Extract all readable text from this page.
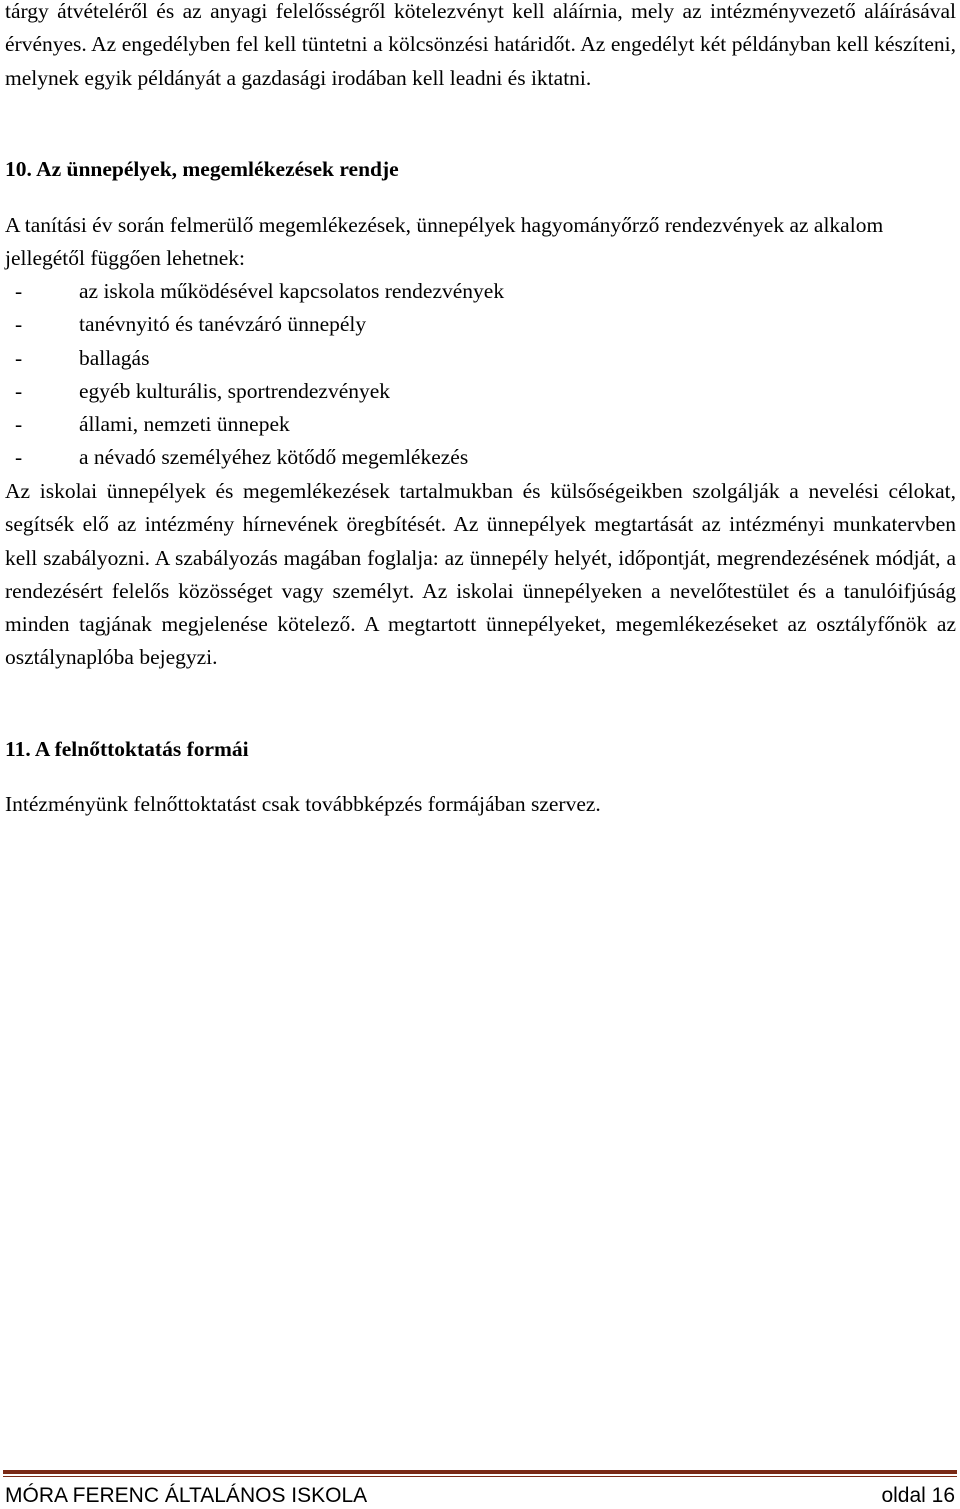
tárgy átvételéről és az anyagi felelősségről kötelezvényt kell aláírnia, mely az intézményvezető aláírásával érvényes. Az engedélyben fel kell tüntetni a kölcsönzési határidőt. Az engedélyt két példányban kell készíteni, melynek egyik példányát a gazdasági irodában kell leadni és iktatni.

10. Az ünnepélyek, megemlékezések rendje

A tanítási év során felmerülő megemlékezések, ünnepélyek hagyományőrző rendezvények az alkalom jellegétől függően lehetnek:

-	az iskola működésével kapcsolatos rendezvények
-	tanévnyitó és tanévzáró ünnepély
-	ballagás
-	egyéb kulturális, sportrendezvények
-	állami, nemzeti ünnepek
-	a névadó személyéhez kötődő megemlékezés

Az iskolai ünnepélyek és megemlékezések tartalmukban és külsőségeikben szolgálják a nevelési célokat, segítsék elő az intézmény hírnevének öregbítését. Az ünnepélyek megtartását az intézményi munkatervben kell szabályozni. A szabályozás magában foglalja: az ünnepély helyét, időpontját, megrendezésének módját, a rendezésért felelős közösséget vagy személyt. Az iskolai ünnepélyeken a nevelőtestület és a tanulóifjúság minden tagjának megjelenése kötelező. A megtartott ünnepélyeket, megemlékezéseket az osztályfőnök az osztálynaplóba bejegyzi.

11. A felnőttoktatás formái

Intézményünk felnőttoktatást csak továbbképzés formájában szervez.

MÓRA FERENC ÁLTALÁNOS ISKOLA	oldal 16
